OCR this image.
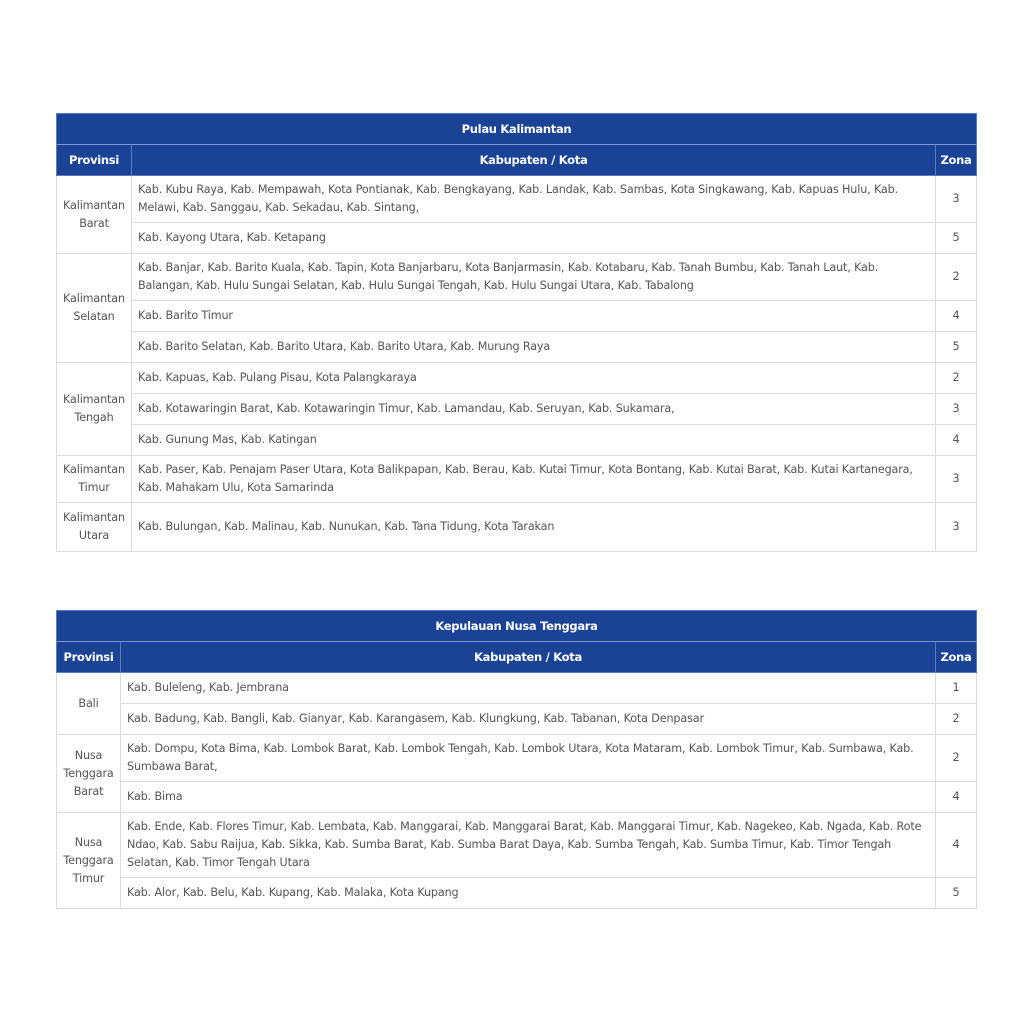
Pulau Kalimantan		
Provinsi	Kabupaten / Kota	Zona
Kalimantan Barat	Kab. Kubu Raya, Kab. Mempawah, Kota Pontianak, Kab. Bengkayang, Kab. Landak, Kab. Sambas, Kota Singkawang, Kab. Kapuas Hulu, Kab. Melawi, Kab. Sanggau, Kab. Sekadau, Kab. Sintang,	3
	Kab. Kayong Utara, Kab. Ketapang	5
Kalimantan Selatan	Kab. Banjar, Kab. Barito Kuala, Kab. Tapin, Kota Banjarbaru, Kota Banjarmasin, Kab. Kotabaru, Kab. Tanah Bumbu, Kab. Tanah Laut, Kab. Balangan, Kab. Hulu Sungai Selatan, Kab. Hulu Sungai Tengah, Kab. Hulu Sungai Utara, Kab. Tabalong	2
	Kab. Barito Timur	4
	Kab. Barito Selatan, Kab. Barito Utara, Kab. Barito Utara, Kab. Murung Raya	5
Kalimantan Tengah	Kab. Kapuas, Kab. Pulang Pisau, Kota Palangkaraya	2
	Kab. Kotawaringin Barat, Kab. Kotawaringin Timur, Kab. Lamandau, Kab. Seruyan, Kab. Sukamara,	3
	Kab. Gunung Mas, Kab. Katingan	4
Kalimantan Timur	Kab. Paser, Kab. Penajam Paser Utara, Kota Balikpapan, Kab. Berau, Kab. Kutai Timur, Kota Bontang, Kab. Kutai Barat, Kab. Kutai Kartanegara, Kab. Mahakam Ulu, Kota Samarinda	3
Kalimantan Utara	Kab. Bulungan, Kab. Malinau, Kab. Nunukan, Kab. Tana Tidung, Kota Tarakan	3
Kepulauan Nusa Tenggara		
Provinsi	Kabupaten / Kota	Zona
Bali	Kab. Buleleng, Kab. Jembrana	1
	Kab. Badung, Kab. Bangli, Kab. Gianyar, Kab. Karangasem, Kab. Klungkung, Kab. Tabanan, Kota Denpasar	2
Nusa Tenggara Barat	Kab. Dompu, Kota Bima, Kab. Lombok Barat, Kab. Lombok Tengah, Kab. Lombok Utara, Kota Mataram, Kab. Lombok Timur, Kab. Sumbawa, Kab. Sumbawa Barat,	2
	Kab. Bima	4
Nusa Tenggara Timur	Kab. Ende, Kab. Flores Timur, Kab. Lembata, Kab. Manggarai, Kab. Manggarai Barat, Kab. Manggarai Timur, Kab. Nagekeo, Kab. Ngada, Kab. Rote Ndao, Kab. Sabu Raijua, Kab. Sikka, Kab. Sumba Barat, Kab. Sumba Barat Daya, Kab. Sumba Tengah, Kab. Sumba Timur, Kab. Timor Tengah Selatan, Kab. Timor Tengah Utara	4
	Kab. Alor, Kab. Belu, Kab. Kupang, Kab. Malaka, Kota Kupang	5
